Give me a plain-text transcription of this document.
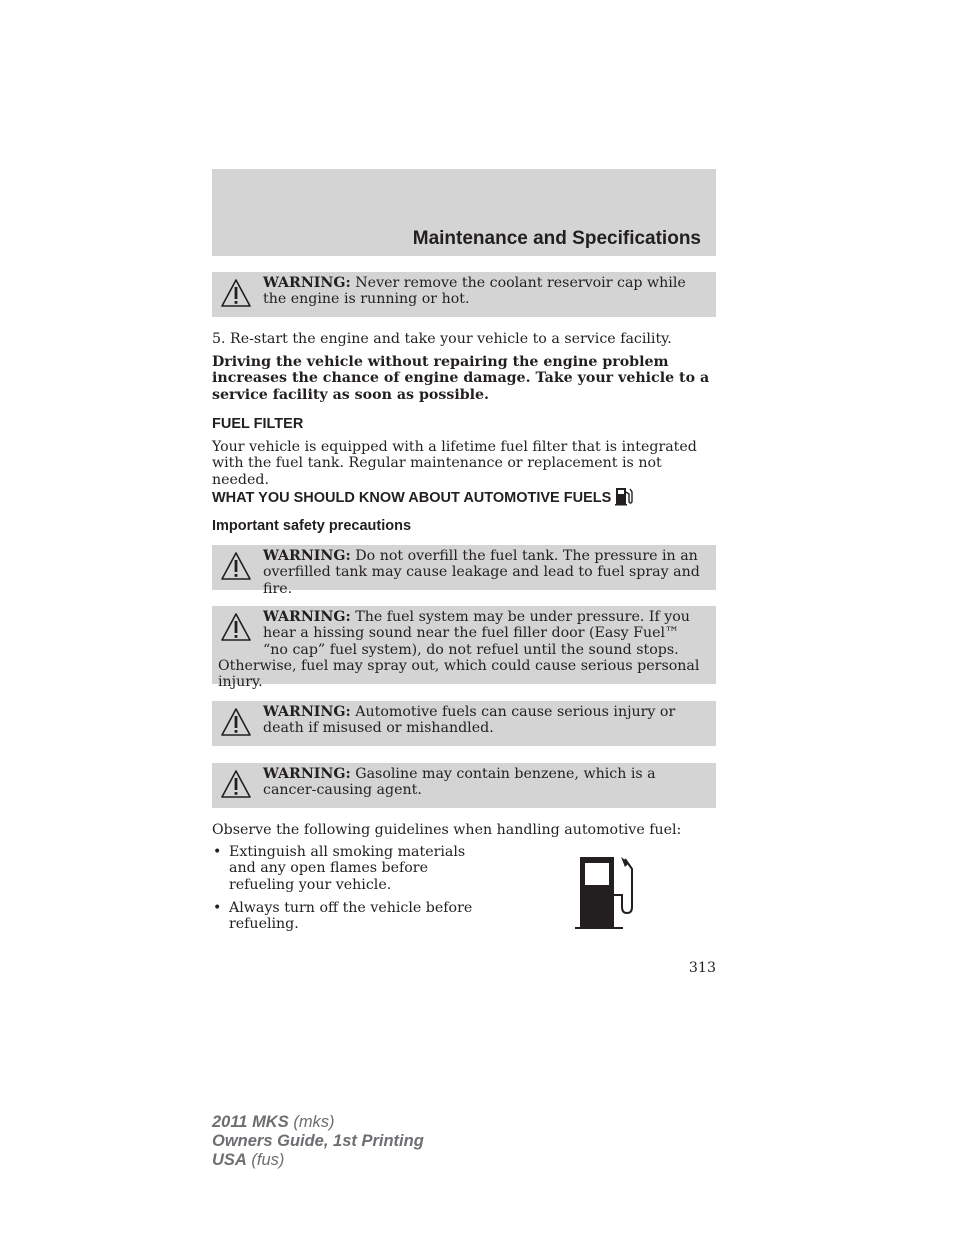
Maintenance and Specifications
WARNING: Never remove the coolant reservoir cap while the engine is running or hot.

5. Re-start the engine and take your vehicle to a service facility.

Driving the vehicle without repairing the engine problem increases the chance of engine damage. Take your vehicle to a service facility as soon as possible.

FUEL FILTER

Your vehicle is equipped with a lifetime fuel filter that is integrated with the fuel tank. Regular maintenance or replacement is not needed.

WHAT YOU SHOULD KNOW ABOUT AUTOMOTIVE FUELS
Important safety precautions
WARNING: Do not overfill the fuel tank. The pressure in an overfilled tank may cause leakage and lead to fuel spray and fire.
WARNING: The fuel system may be under pressure. If you hear a hissing sound near the fuel filler door (Easy Fuel™ “no cap” fuel system), do not refuel until the sound stops. Otherwise, fuel may spray out, which could cause serious personal injury.
WARNING: Automotive fuels can cause serious injury or death if misused or mishandled.
WARNING: Gasoline may contain benzene, which is a cancer-causing agent.

Observe the following guidelines when handling automotive fuel:

• Extinguish all smoking materials and any open flames before refueling your vehicle.
• Always turn off the vehicle before refueling.

313

2011 MKS (mks)
Owners Guide, 1st Printing
USA (fus)
